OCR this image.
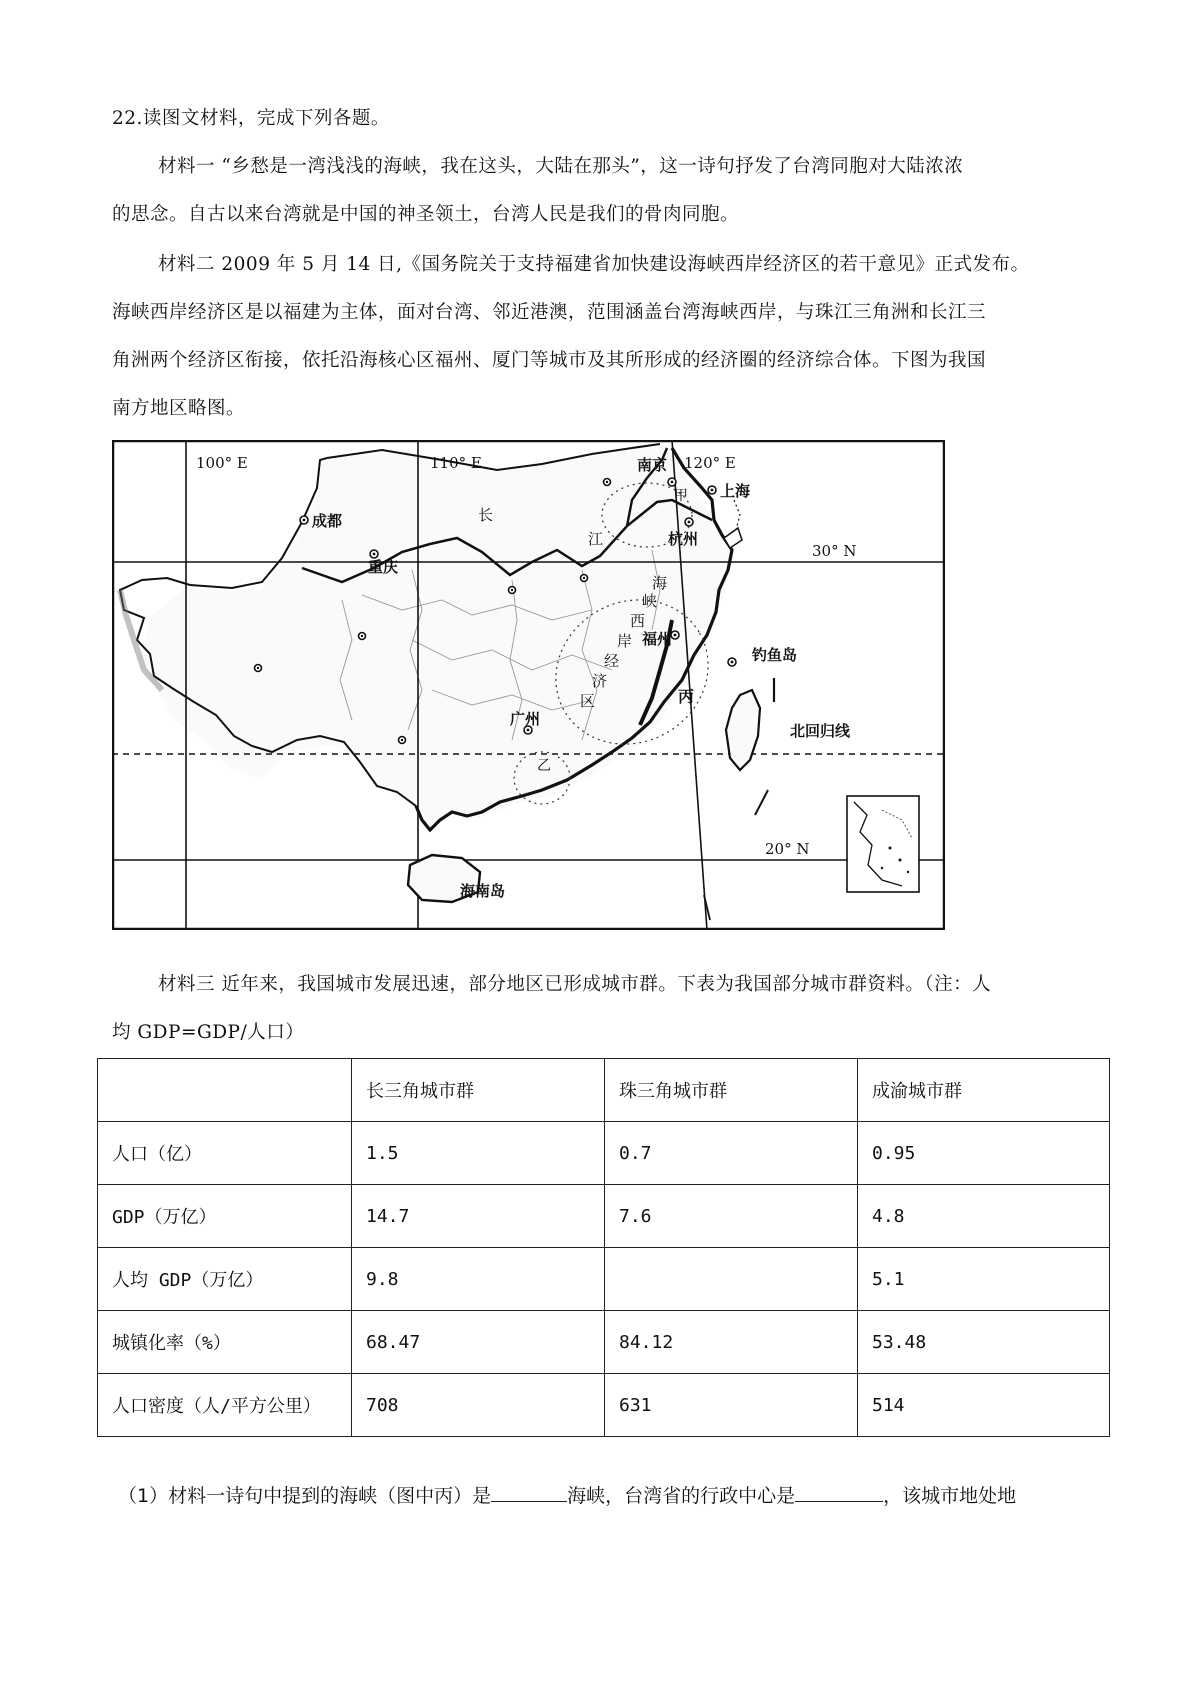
22.读图文材料，完成下列各题。
材料一 “乡愁是一湾浅浅的海峡，我在这头，大陆在那头”，这一诗句抒发了台湾同胞对大陆浓浓
的思念。自古以来台湾就是中国的神圣领土，台湾人民是我们的骨肉同胞。
材料二 2009 年 5 月 14 日,《国务院关于支持福建省加快建设海峡西岸经济区的若干意见》正式发布。
海峡西岸经济区是以福建为主体，面对台湾、邻近港澳，范围涵盖台湾海峡西岸，与珠江三角洲和长江三
角洲两个经济区衔接，依托沿海核心区福州、厦门等城市及其所形成的经济圈的经济综合体。下图为我国
南方地区略图。
100° E	110° E	120° E
30° N
20° N
南京
上海
杭州
成都
重庆
福州
广州
长
江
海
峡
西
岸
经
济
区
甲
乙
丙
钓鱼岛
北回归线
海南岛
材料三 近年来，我国城市发展迅速，部分地区已形成城市群。下表为我国部分城市群资料。（注：人
均 GDP=GDP/人口）
	长三角城市群	珠三角城市群	成渝城市群
人口（亿）	1.5	0.7	0.95
GDP（万亿）	14.7	7.6	4.8
人均 GDP（万亿）	9.8		5.1
城镇化率（%）	68.47	84.12	53.48
人口密度（人/平方公里）	708	631	514
（1）材料一诗句中提到的海峡（图中丙）是	海峡，台湾省的行政中心是	，该城市地处地
